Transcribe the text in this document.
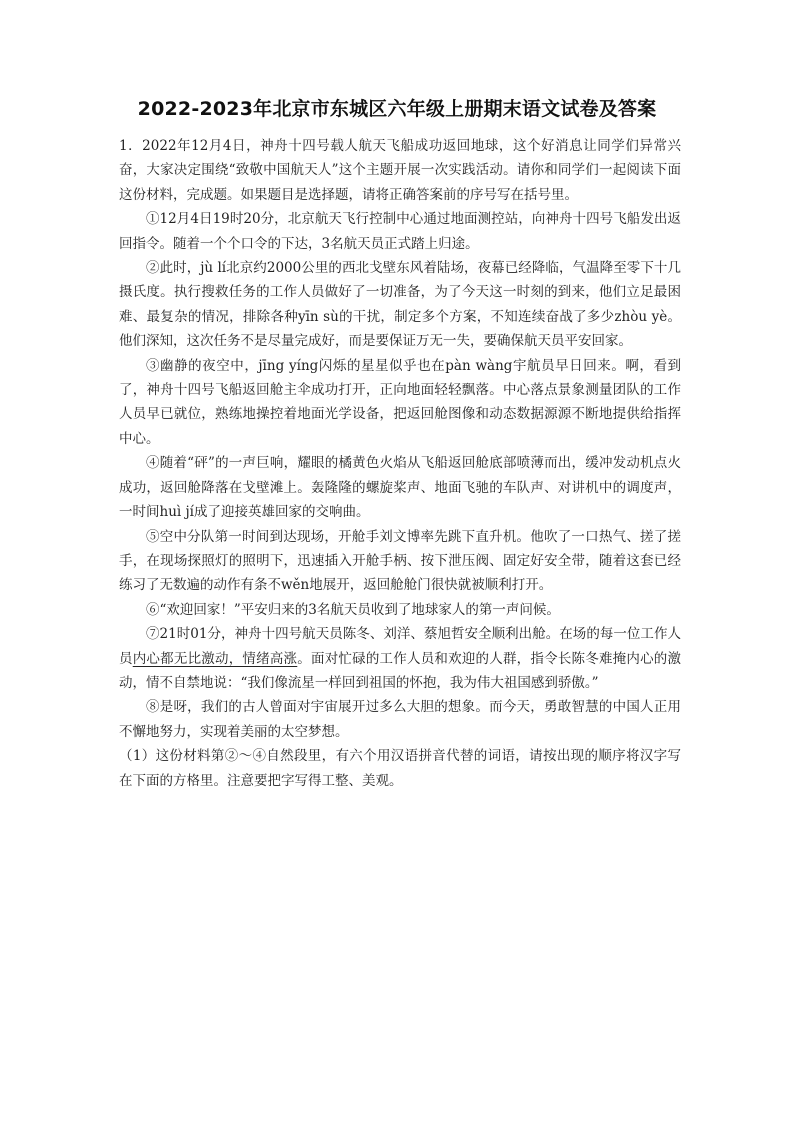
2022-2023年北京市东城区六年级上册期末语文试卷及答案

1．2022年12月4日，神舟十四号载人航天飞船成功返回地球，这个好消息让同学们异常兴奋，大家决定围绕“致敬中国航天人”这个主题开展一次实践活动。请你和同学们一起阅读下面这份材料，完成题。如果题目是选择题，请将正确答案前的序号写在括号里。

①12月4日19时20分，北京航天飞行控制中心通过地面测控站，向神舟十四号飞船发出返回指令。随着一个个口令的下达，3名航天员正式踏上归途。

②此时，jù lí北京约2000公里的西北戈壁东风着陆场，夜幕已经降临，气温降至零下十几摄氏度。执行搜救任务的工作人员做好了一切准备，为了今天这一时刻的到来，他们立足最困难、最复杂的情况，排除各种yīn sù的干扰，制定多个方案，不知连续奋战了多少zhòu yè。他们深知，这次任务不是尽量完成好，而是要保证万无一失，要确保航天员平安回家。

③幽静的夜空中，jīng yíng闪烁的星星似乎也在pàn wàng宇航员早日回来。啊，看到了，神舟十四号飞船返回舱主伞成功打开，正向地面轻轻飘落。中心落点景象测量团队的工作人员早已就位，熟练地操控着地面光学设备，把返回舱图像和动态数据源源不断地提供给指挥中心。

④随着“砰”的一声巨响，耀眼的橘黄色火焰从飞船返回舱底部喷薄而出，缓冲发动机点火成功，返回舱降落在戈壁滩上。轰隆隆的螺旋桨声、地面飞驰的车队声、对讲机中的调度声，一时间huì jí成了迎接英雄回家的交响曲。

⑤空中分队第一时间到达现场，开舱手刘文博率先跳下直升机。他吹了一口热气、搓了搓手，在现场探照灯的照明下，迅速插入开舱手柄、按下泄压阀、固定好安全带，随着这套已经练习了无数遍的动作有条不wěn地展开，返回舱舱门很快就被顺利打开。

⑥“欢迎回家！”平安归来的3名航天员收到了地球家人的第一声问候。

⑦21时01分，神舟十四号航天员陈冬、刘洋、蔡旭哲安全顺利出舱。在场的每一位工作人员内心都无比激动，情绪高涨。面对忙碌的工作人员和欢迎的人群，指令长陈冬难掩内心的激动，情不自禁地说：“我们像流星一样回到祖国的怀抱，我为伟大祖国感到骄傲。”

⑧是呀，我们的古人曾面对宇宙展开过多么大胆的想象。而今天，勇敢智慧的中国人正用不懈地努力，实现着美丽的太空梦想。

（1）这份材料第②～④自然段里，有六个用汉语拼音代替的词语，请按出现的顺序将汉字写在下面的方格里。注意要把字写得工整、美观。
